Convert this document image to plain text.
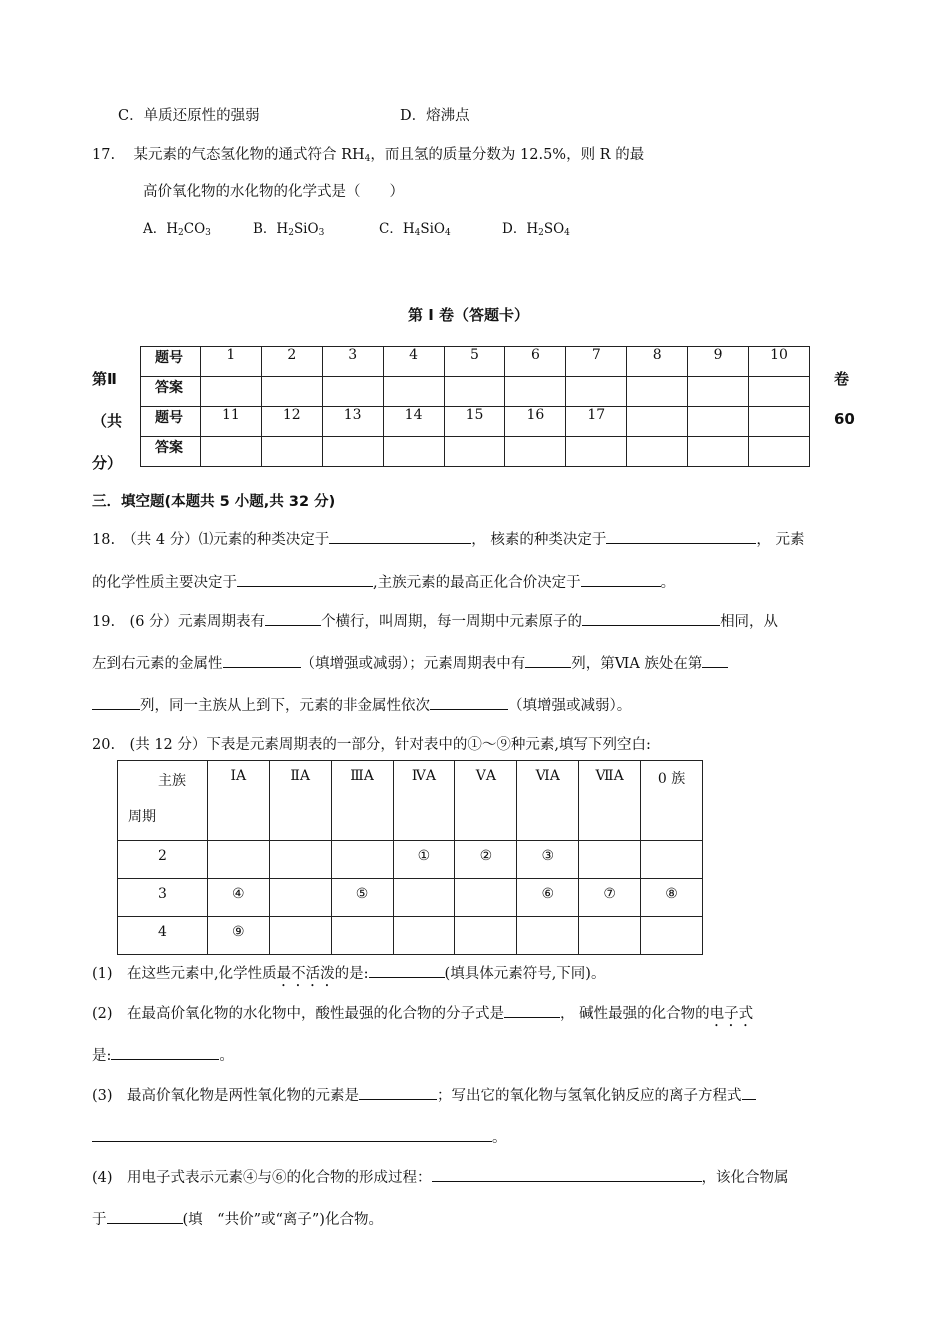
C．单质还原性的强弱	D．熔沸点
17. 某元素的气态氢化物的通式符合 $RH_4$，而且氢的质量分数为 12.5%，则 R 的最
高价氧化物的水化物的化学式是（　　）
A．$H_2CO_3$	B．$H_2SiO_3$	C．$H_4SiO_4$	D．$H_2SO_4$
第 I 卷（答题卡）
第Ⅱ
（共
分）
卷
60
题号	1	2	3	4	5	6	7	8	9	10
答案										
题号	11	12	13	14	15	16	17			
答案										
三．填空题(本题共 5 小题,共 32 分)
18.　（共 4 分）⑴元素的种类决定于	， 核素的种类决定于	， 元素
的化学性质主要决定于	,主族元素的最高正化合价决定于	。
19.　(6 分）元素周期表有	个横行，叫周期，每一周期中元素原子的	相同，从
左到右元素的金属性	（填增强或减弱）；元素周期表中有	列，第ⅥA 族处在第
列，同一主族从上到下，元素的非金属性依次	（填增强或减弱）。
20.　(共 12 分）下表是元素周期表的一部分，针对表中的①～⑨种元素,填写下列空白:
主族
周期	ⅠA	ⅡA	ⅢA	ⅣA	ⅤA	ⅥA	ⅦA	0 族
2				①	②	③		
3	④		⑤			⑥	⑦	⑧
4	⑨							
(1)　在这些元素中,化学性质最不活泼的是:	(填具体元素符号,下同)。
(2)　在最高价氧化物的水化物中，酸性最强的化合物的分子式是	， 碱性最强的化合物的电子式
是:	。
(3)　最高价氧化物是两性氧化物的元素是	；写出它的氧化物与氢氧化钠反应的离子方程式
。
(4)　用电子式表示元素④与⑥的化合物的形成过程：	，该化合物属
于	(填　“共价”或“离子”)化合物。
